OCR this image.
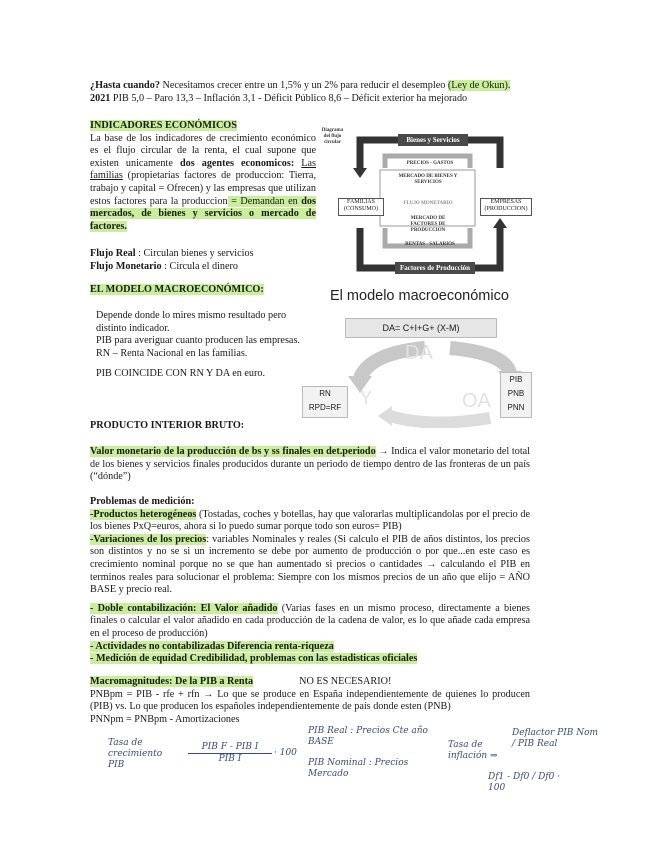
¿Hasta cuando? Necesitamos crecer entre un 1,5% y un 2% para reducir el desempleo (Ley de Okun). 2021 PIB 5,0 – Paro 13,3 – Inflación 3,1 - Déficit Público 8,6 – Déficit exterior ha mejorado
INDICADORES ECONÓMICOS
La base de los indicadores de crecimiento económico es el flujo circular de la renta, el cual supone que existen unicamente dos agentes economicos: Las familias (propietarias factores de produccion: Tierra, trabajo y capital = Ofrecen) y las empresas que utilizan estos factores para la produccion = Demandan en dos mercados, de bienes y servicios o mercado de factores.
Flujo Real : Circulan bienes y servicios
Flujo Monetario : Circula el dinero
Diagrama del flujo circular	Bienes y Servicios
Factores de Producción
FAMILIAS (CONSUMO)
EMPRESAS (PRODUCCION)
PRECIOS - GASTOS
MERCADO DE BIENES Y SERVICIOS
FLUJO MONETARIO
MERCADO DE FACTORES DE PRODUCCION
RENTAS - SALARIOS
EL MODELO MACROECONÓMICO:
Depende donde lo mires mismo resultado pero distinto indicador.
PIB para averiguar cuanto producen las empresas.
RN – Renta Nacional en las familias.
PIB COINCIDE CON RN Y DA en euro.
El modelo macroeconómico
DA= C+I+G+ (X-M)
DA
OA
Y
RN
RPD=RF
PIB
PNB
PNN
PRODUCTO INTERIOR BRUTO:
Valor monetario de la producción de bs y ss finales en det.periodo → Indica el valor monetario del total de los bienes y servicios finales producidos durante un periodo de tiempo dentro de las fronteras de un país (“dónde”)
Problemas de medición:
-Productos heterogéneos (Tostadas, coches y botellas, hay que valorarlas multiplicandolas por el precio de los bienes PxQ=euros, ahora si lo puedo sumar porque todo son euros= PIB)
-Variaciones de los precios: variables Nominales y reales (Si calculo el PIB de años distintos, los precios son distintos y no se si un incremento se debe por aumento de producción o por que...en este caso es crecimiento nominal porque no se que han aumentado si precios o cantidades → calculando el PIB en terminos reales para solucionar el problema: Siempre con los mismos precios de un año que elijo = AÑO BASE y precio real.
- Doble contabilización: El Valor añadido (Varias fases en un mismo proceso, directamente a bienes finales o calcular el valor añadido en cada producción de la cadena de valor, es lo que añade cada empresa en el proceso de producción)
- Actividades no contabilizadas Diferencia renta-riqueza
- Medición de equidad Credibilidad, problemas con las estadisticas oficiales
Macromagnitudes: De la PIB a Renta	NO ES NECESARIO!
PNBpm = PIB - rfe + rfn → Lo que se produce en España independientemente de quienes lo producen (PIB) vs. Lo que producen los españoles independientemente de país donde esten (PNB)
PNNpm = PNBpm - Amortizaciones
Tasa de crecimiento PIB
PIB F - PIB I
PIB I
· 100
PIB Real : Precios Cte año BASE
PIB Nominal : Precios Mercado
Tasa de inflación ⇒
Deflactor PIB Nom / PIB Real
Df1 - Df0 / Df0 · 100
